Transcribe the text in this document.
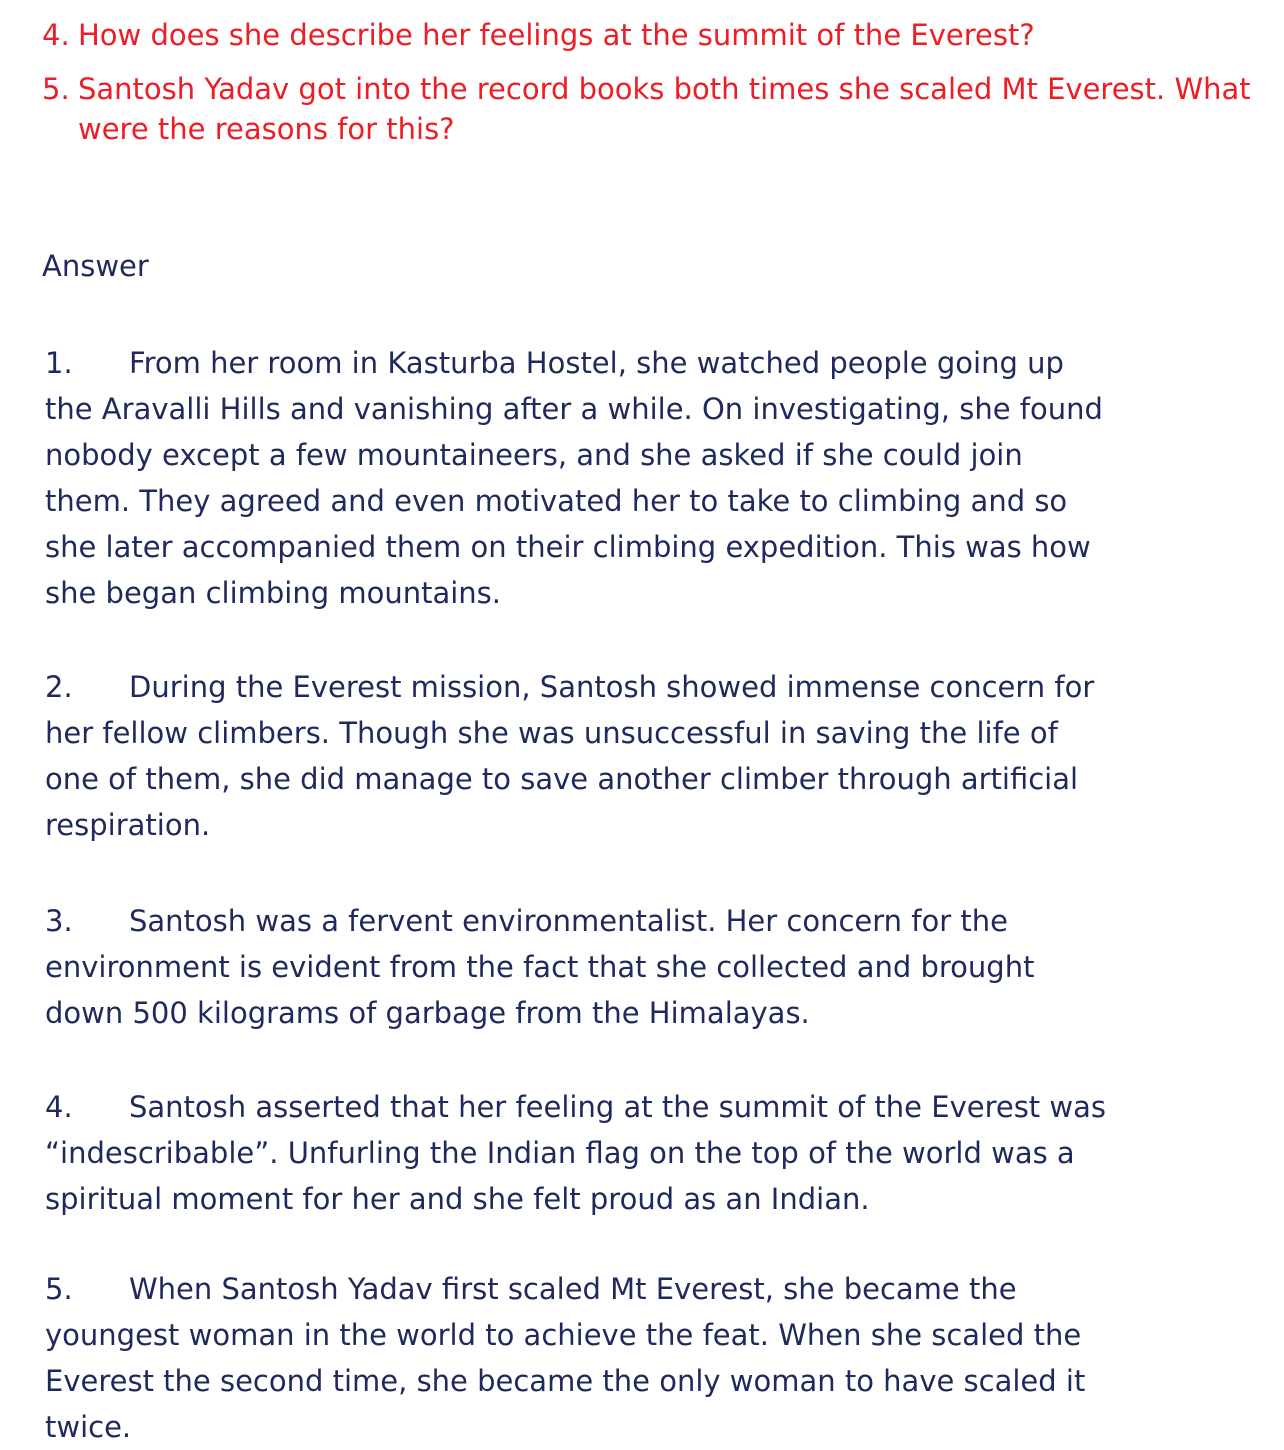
4. How does she describe her feelings at the summit of the Everest?
5. Santosh Yadav got into the record books both times she scaled Mt Everest. What
were the reasons for this?
Answer
1. From her room in Kasturba Hostel, she watched people going up
the Aravalli Hills and vanishing after a while. On investigating, she found
nobody except a few mountaineers, and she asked if she could join
them. They agreed and even motivated her to take to climbing and so
she later accompanied them on their climbing expedition. This was how
she began climbing mountains.
2. During the Everest mission, Santosh showed immense concern for
her fellow climbers. Though she was unsuccessful in saving the life of
one of them, she did manage to save another climber through artificial
respiration.
3. Santosh was a fervent environmentalist. Her concern for the
environment is evident from the fact that she collected and brought
down 500 kilograms of garbage from the Himalayas.
4. Santosh asserted that her feeling at the summit of the Everest was
“indescribable”. Unfurling the Indian flag on the top of the world was a
spiritual moment for her and she felt proud as an Indian.
5. When Santosh Yadav first scaled Mt Everest, she became the
youngest woman in the world to achieve the feat. When she scaled the
Everest the second time, she became the only woman to have scaled it
twice.
